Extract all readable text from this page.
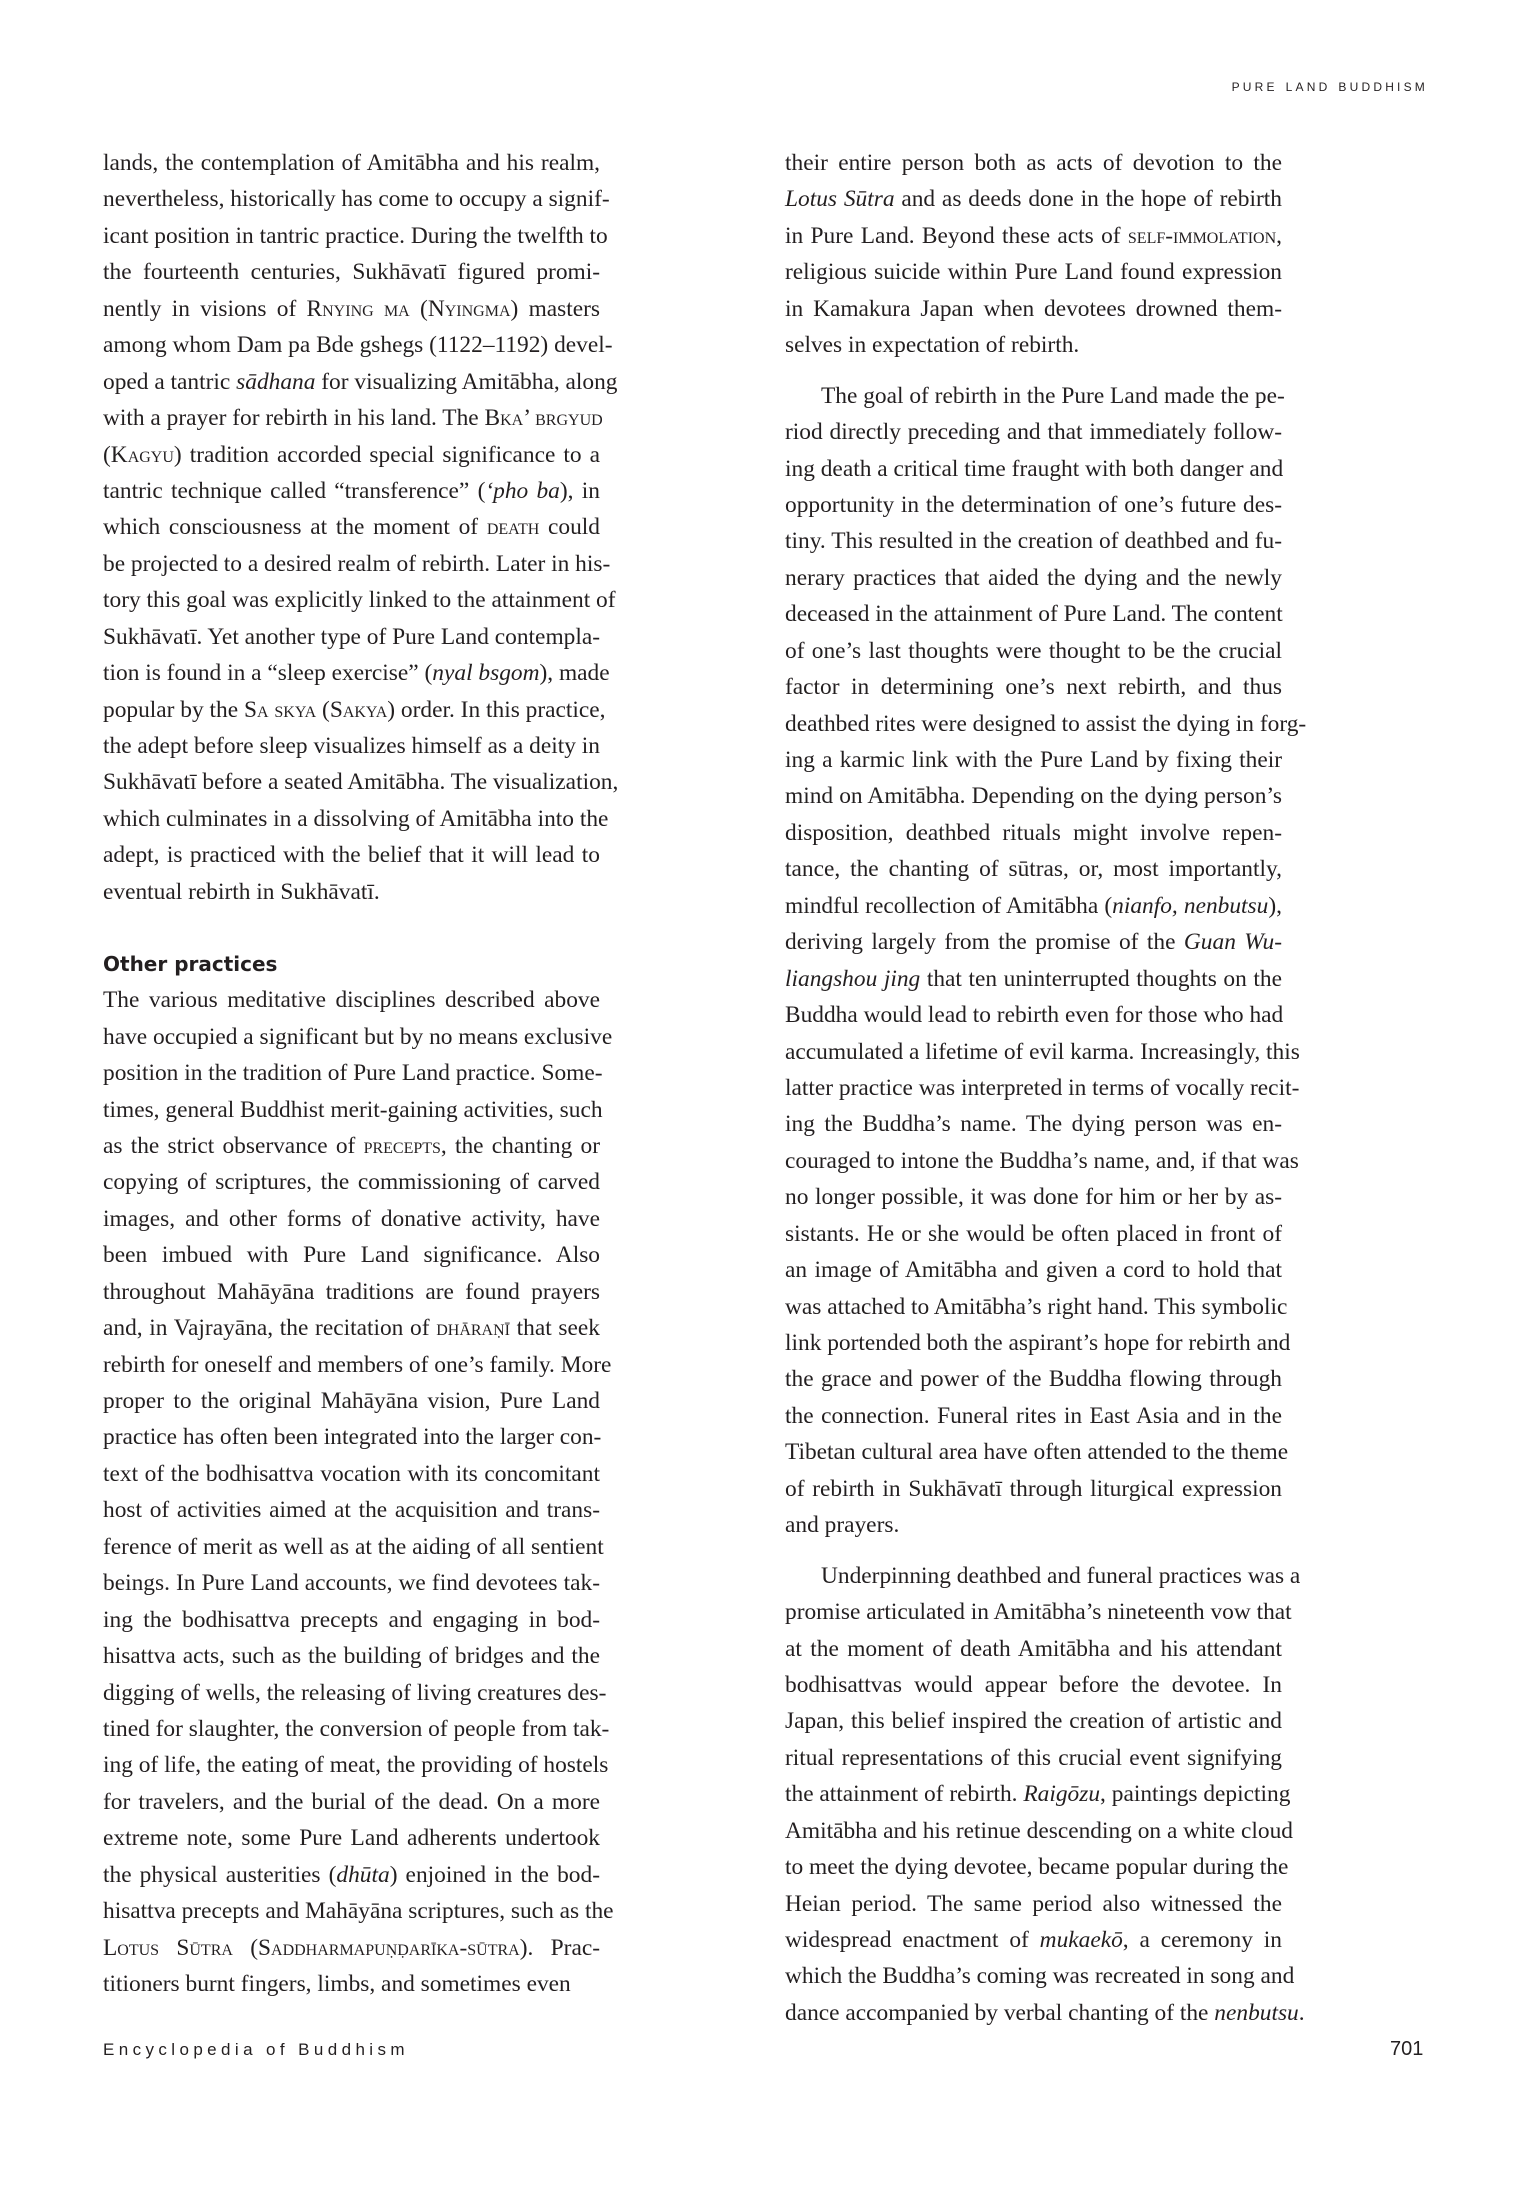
pure land buddhism
lands, the contemplation of Amitābha and his realm,
nevertheless, historically has come to occupy a signif-
icant position in tantric practice. During the twelfth to
the fourteenth centuries, Sukhāvatī figured promi-
nently in visions of Rnying ma (Nyingma) masters
among whom Dam pa Bde gshegs (1122–1192) devel-
oped a tantric sādhana for visualizing Amitābha, along
with a prayer for rebirth in his land. The Bka’ brgyud
(Kagyu) tradition accorded special significance to a
tantric technique called “transference” (‘pho ba), in
which consciousness at the moment of death could
be projected to a desired realm of rebirth. Later in his-
tory this goal was explicitly linked to the attainment of
Sukhāvatī. Yet another type of Pure Land contempla-
tion is found in a “sleep exercise” (nyal bsgom), made
popular by the Sa skya (Sakya) order. In this practice,
the adept before sleep visualizes himself as a deity in
Sukhāvatī before a seated Amitābha. The visualization,
which culminates in a dissolving of Amitābha into the
adept, is practiced with the belief that it will lead to
eventual rebirth in Sukhāvatī.
Other practices
The various meditative disciplines described above
have occupied a significant but by no means exclusive
position in the tradition of Pure Land practice. Some-
times, general Buddhist merit-gaining activities, such
as the strict observance of precepts, the chanting or
copying of scriptures, the commissioning of carved
images, and other forms of donative activity, have
been imbued with Pure Land significance. Also
throughout Mahāyāna traditions are found prayers
and, in Vajrayāna, the recitation of dhāraṇī that seek
rebirth for oneself and members of one’s family. More
proper to the original Mahāyāna vision, Pure Land
practice has often been integrated into the larger con-
text of the bodhisattva vocation with its concomitant
host of activities aimed at the acquisition and trans-
ference of merit as well as at the aiding of all sentient
beings. In Pure Land accounts, we find devotees tak-
ing the bodhisattva precepts and engaging in bod-
hisattva acts, such as the building of bridges and the
digging of wells, the releasing of living creatures des-
tined for slaughter, the conversion of people from tak-
ing of life, the eating of meat, the providing of hostels
for travelers, and the burial of the dead. On a more
extreme note, some Pure Land adherents undertook
the physical austerities (dhūta) enjoined in the bod-
hisattva precepts and Mahāyāna scriptures, such as the
Lotus Sūtra (Saddharmapuṇḍarīka-sūtra). Prac-
titioners burnt fingers, limbs, and sometimes even
their entire person both as acts of devotion to the
Lotus Sūtra and as deeds done in the hope of rebirth
in Pure Land. Beyond these acts of self-immolation,
religious suicide within Pure Land found expression
in Kamakura Japan when devotees drowned them-
selves in expectation of rebirth.
The goal of rebirth in the Pure Land made the pe-
riod directly preceding and that immediately follow-
ing death a critical time fraught with both danger and
opportunity in the determination of one’s future des-
tiny. This resulted in the creation of deathbed and fu-
nerary practices that aided the dying and the newly
deceased in the attainment of Pure Land. The content
of one’s last thoughts were thought to be the crucial
factor in determining one’s next rebirth, and thus
deathbed rites were designed to assist the dying in forg-
ing a karmic link with the Pure Land by fixing their
mind on Amitābha. Depending on the dying person’s
disposition, deathbed rituals might involve repen-
tance, the chanting of sūtras, or, most importantly,
mindful recollection of Amitābha (nianfo, nenbutsu),
deriving largely from the promise of the Guan Wu-
liangshou jing that ten uninterrupted thoughts on the
Buddha would lead to rebirth even for those who had
accumulated a lifetime of evil karma. Increasingly, this
latter practice was interpreted in terms of vocally recit-
ing the Buddha’s name. The dying person was en-
couraged to intone the Buddha’s name, and, if that was
no longer possible, it was done for him or her by as-
sistants. He or she would be often placed in front of
an image of Amitābha and given a cord to hold that
was attached to Amitābha’s right hand. This symbolic
link portended both the aspirant’s hope for rebirth and
the grace and power of the Buddha flowing through
the connection. Funeral rites in East Asia and in the
Tibetan cultural area have often attended to the theme
of rebirth in Sukhāvatī through liturgical expression
and prayers.
Underpinning deathbed and funeral practices was a
promise articulated in Amitābha’s nineteenth vow that
at the moment of death Amitābha and his attendant
bodhisattvas would appear before the devotee. In
Japan, this belief inspired the creation of artistic and
ritual representations of this crucial event signifying
the attainment of rebirth. Raigōzu, paintings depicting
Amitābha and his retinue descending on a white cloud
to meet the dying devotee, became popular during the
Heian period. The same period also witnessed the
widespread enactment of mukaekō, a ceremony in
which the Buddha’s coming was recreated in song and
dance accompanied by verbal chanting of the nenbutsu.
Encyclopedia of Buddhism	701
